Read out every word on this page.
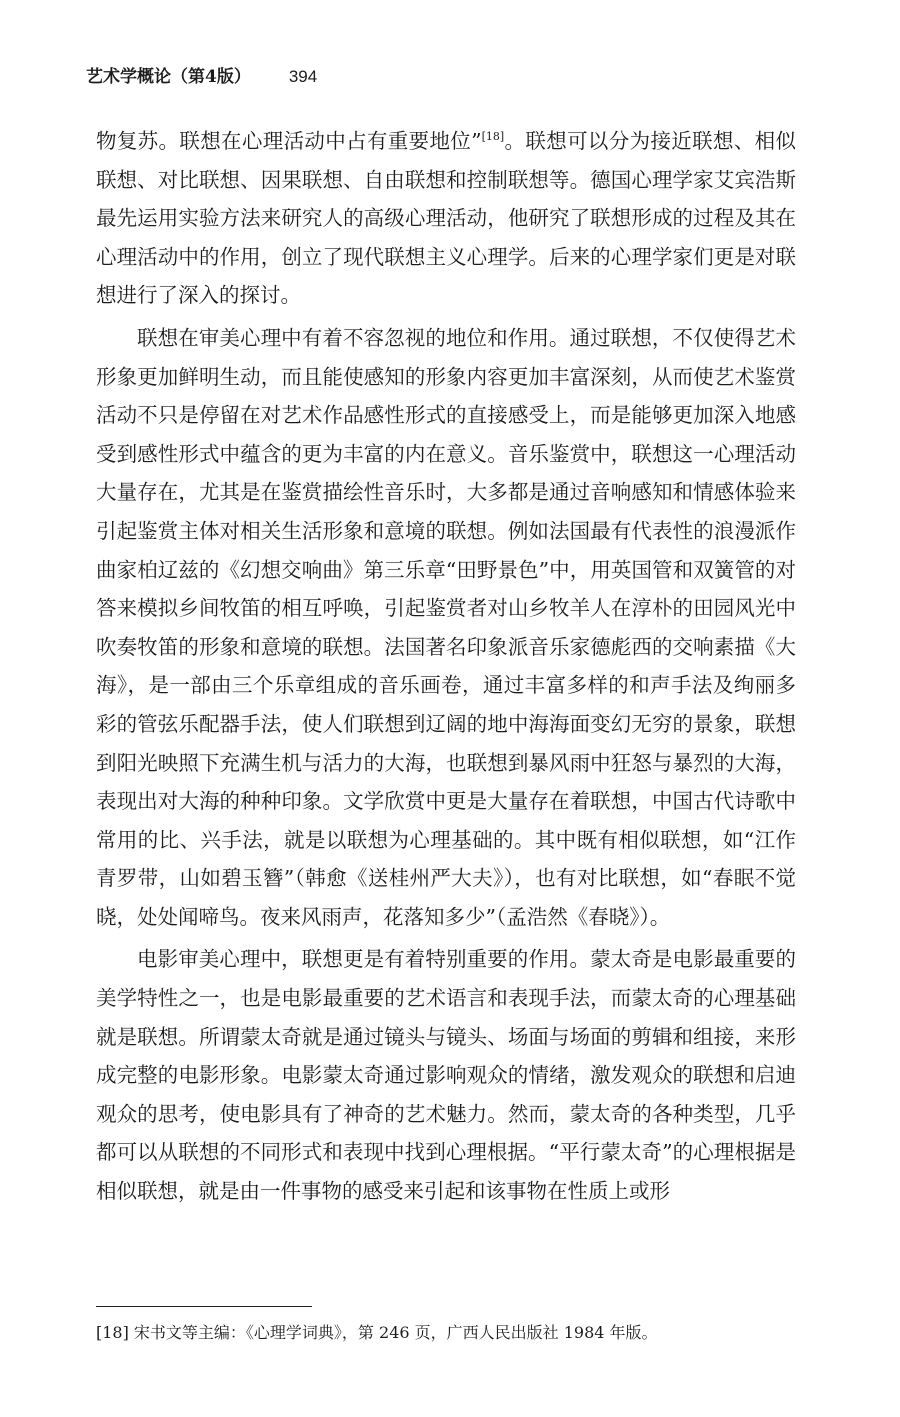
艺术学概论（第4版） 394

物复苏。联想在心理活动中占有重要地位”[18]。联想可以分为接近联想、相似联想、对比联想、因果联想、自由联想和控制联想等。德国心理学家艾宾浩斯最先运用实验方法来研究人的高级心理活动，他研究了联想形成的过程及其在心理活动中的作用，创立了现代联想主义心理学。后来的心理学家们更是对联想进行了深入的探讨。

联想在审美心理中有着不容忽视的地位和作用。通过联想，不仅使得艺术形象更加鲜明生动，而且能使感知的形象内容更加丰富深刻，从而使艺术鉴赏活动不只是停留在对艺术作品感性形式的直接感受上，而是能够更加深入地感受到感性形式中蕴含的更为丰富的内在意义。音乐鉴赏中，联想这一心理活动大量存在，尤其是在鉴赏描绘性音乐时，大多都是通过音响感知和情感体验来引起鉴赏主体对相关生活形象和意境的联想。例如法国最有代表性的浪漫派作曲家柏辽兹的《幻想交响曲》第三乐章“田野景色”中，用英国管和双簧管的对答来模拟乡间牧笛的相互呼唤，引起鉴赏者对山乡牧羊人在淳朴的田园风光中吹奏牧笛的形象和意境的联想。法国著名印象派音乐家德彪西的交响素描《大海》，是一部由三个乐章组成的音乐画卷，通过丰富多样的和声手法及绚丽多彩的管弦乐配器手法，使人们联想到辽阔的地中海海面变幻无穷的景象，联想到阳光映照下充满生机与活力的大海，也联想到暴风雨中狂怒与暴烈的大海，表现出对大海的种种印象。文学欣赏中更是大量存在着联想，中国古代诗歌中常用的比、兴手法，就是以联想为心理基础的。其中既有相似联想，如“江作青罗带，山如碧玉簪”（韩愈《送桂州严大夫》），也有对比联想，如“春眠不觉晓，处处闻啼鸟。夜来风雨声，花落知多少”（孟浩然《春晓》）。

电影审美心理中，联想更是有着特别重要的作用。蒙太奇是电影最重要的美学特性之一，也是电影最重要的艺术语言和表现手法，而蒙太奇的心理基础就是联想。所谓蒙太奇就是通过镜头与镜头、场面与场面的剪辑和组接，来形成完整的电影形象。电影蒙太奇通过影响观众的情绪，激发观众的联想和启迪观众的思考，使电影具有了神奇的艺术魅力。然而，蒙太奇的各种类型，几乎都可以从联想的不同形式和表现中找到心理根据。“平行蒙太奇”的心理根据是相似联想，就是由一件事物的感受来引起和该事物在性质上或形

[18] 宋书文等主编：《心理学词典》，第 246 页，广西人民出版社 1984 年版。
